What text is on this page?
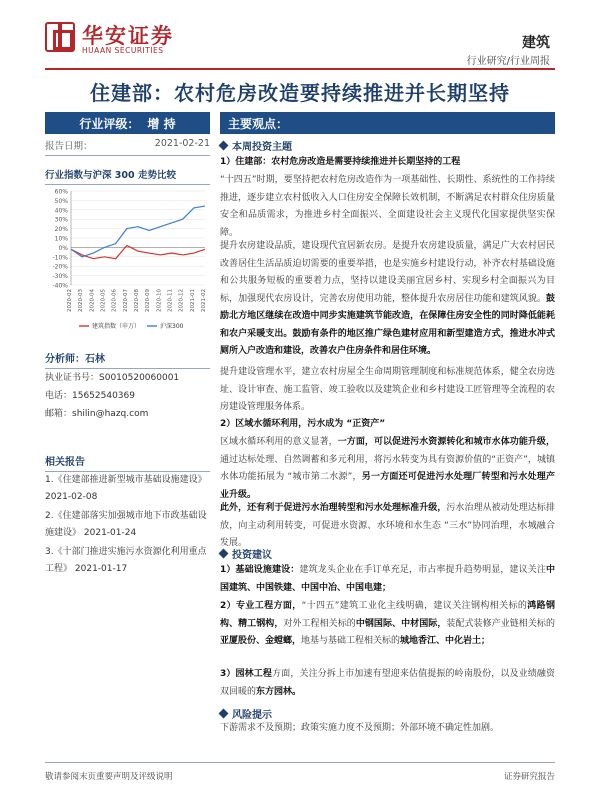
华安证券
HUAAN SECURITIES	建筑
行业研究/行业周报
住建部：农村危房改造要持续推进并长期坚持
行业评级： 增 持
报告日期：	2021-02-21
行业指数与沪深 300 走势比较
60%
50%
40%
30%
20%
10%
0%
-10%
-20%
-30%
-40%
2020-02 2020-03 2020-04 2020-05 2020-06 2020-07 2020-08 2020-09 2020-10 2020-11 2020-12 2021-01 2021-02
建筑指数（申万）	沪深300
分析师：石林
执业证书号：S0010520060001
电话：15652540369
邮箱：shilin@hazq.com
相关报告
1.《住建部推进新型城市基础设施建设》 2021-02-08
2.《住建部落实加强城市地下市政基础设施建设》 2021-01-24
3.《十部门推进实施污水资源化利用重点工程》 2021-01-17
主要观点：
本周投资主题
1）住建部：农村危房改造是需要持续推进并长期坚持的工程
“十四五”时期，要坚持把农村危房改造作为一项基础性、长期性、系统性的工作持续推进，逐步建立农村低收入人口住房安全保障长效机制，不断满足农村群众住房质量安全和品质需求，为推进乡村全面振兴、全面建设社会主义现代化国家提供坚实保障。
提升农房建设品质，建设现代宜居新农房。是提升农房建设质量，满足广大农村居民改善居住生活品质迫切需要的重要举措，也是实施乡村建设行动，补齐农村基础设施和公共服务短板的重要着力点，坚持以建设美丽宜居乡村、实现乡村全面振兴为目标，加强现代农房设计，完善农房使用功能，整体提升农房居住功能和建筑风貌。鼓励北方地区继续在改造中同步实施建筑节能改造，在保障住房安全性的同时降低能耗和农户采暖支出。鼓励有条件的地区推广绿色建材应用和新型建造方式，推进水冲式厕所入户改造和建设，改善农户住房条件和居住环境。
提升建设管理水平，建立农村房屋全生命周期管理制度和标准规范体系，健全农房选址、设计审查、施工监管、竣工验收以及建筑企业和乡村建设工匠管理等全流程的农房建设管理服务体系。
2）区域水循环利用，污水成为 “正资产”
区域水循环利用的意义显著，一方面，可以促进污水资源转化和城市水体功能升级，通过达标处理、自然调蓄和多元利用，将污水转变为具有资源价值的“正资产”，城镇水体功能拓展为 “城市第二水源”，另一方面还可促进污水处理厂转型和污水处理产业升级。
此外，还有利于促进污水治理转型和污水处理标准升级，污水治理从被动处理达标排放，向主动利用转变，可促进水资源、水环境和水生态 “三水”协同治理，水城融合发展。
投资建议
1）基础设施建设：建筑龙头企业在手订单充足，市占率提升趋势明显，建议关注中国建筑、中国铁建、中国中冶、中国电建；
2）专业工程方面，“十四五”建筑工业化主线明确，建议关注钢构相关标的鸿路钢构、精工钢构，对外工程相关标的中钢国际、中材国际，装配式装修产业链相关标的亚厦股份、金螳螂，地基与基础工程相关标的城地香江、中化岩土；
3）园林工程方面，关注分拆上市加速有望迎来估值提振的岭南股份，以及业绩融资双回暖的东方园林。
风险提示
下游需求不及预期；政策实施力度不及预期；外部环境不确定性加剧。
敬请参阅末页重要声明及评级说明	证券研究报告
